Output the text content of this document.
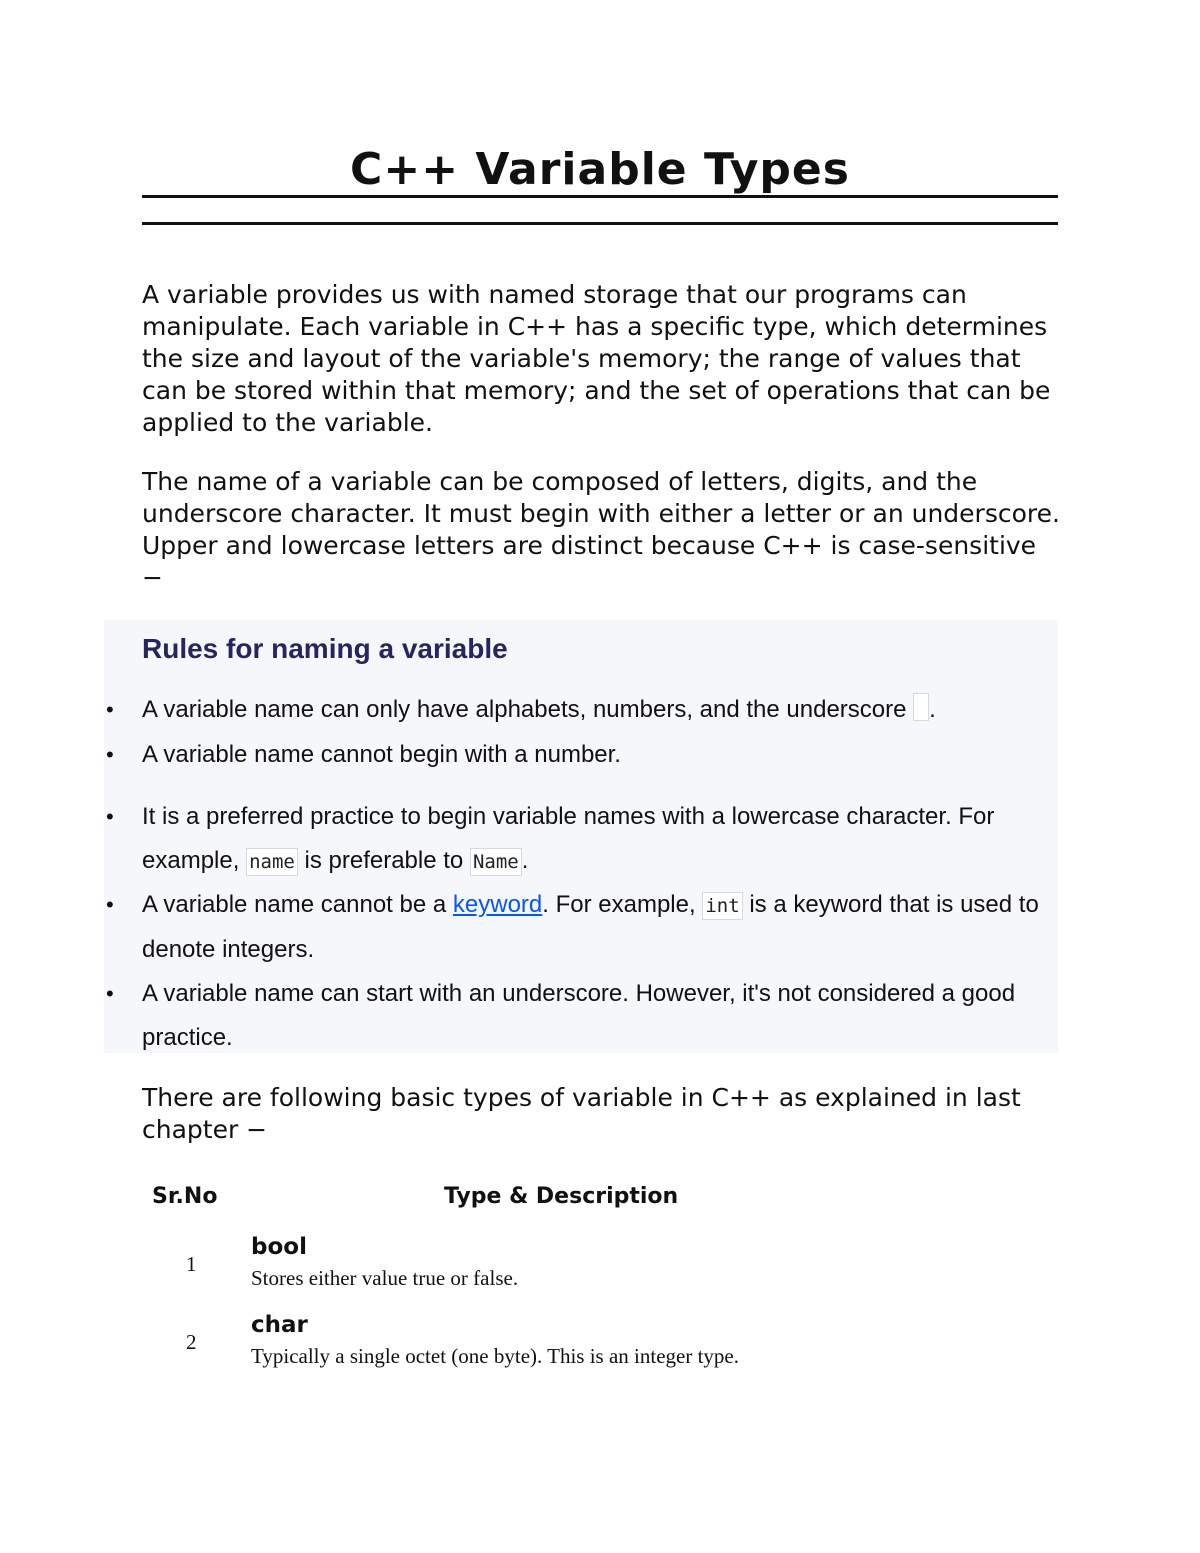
C++ Variable Types

A variable provides us with named storage that our programs can manipulate. Each variable in C++ has a specific type, which determines the size and layout of the variable's memory; the range of values that can be stored within that memory; and the set of operations that can be applied to the variable.

The name of a variable can be composed of letters, digits, and the underscore character. It must begin with either a letter or an underscore. Upper and lowercase letters are distinct because C++ is case-sensitive −

Rules for naming a variable
• A variable name can only have alphabets, numbers, and the underscore .
• A variable name cannot begin with a number.
• It is a preferred practice to begin variable names with a lowercase character. For example, name is preferable to Name .
• A variable name cannot be a keyword. For example, int is a keyword that is used to denote integers.
• A variable name can start with an underscore. However, it's not considered a good practice.

There are following basic types of variable in C++ as explained in last chapter −

Sr.No	Type & Description
1
bool
Stores either value true or false.
2
char
Typically a single octet (one byte). This is an integer type.
